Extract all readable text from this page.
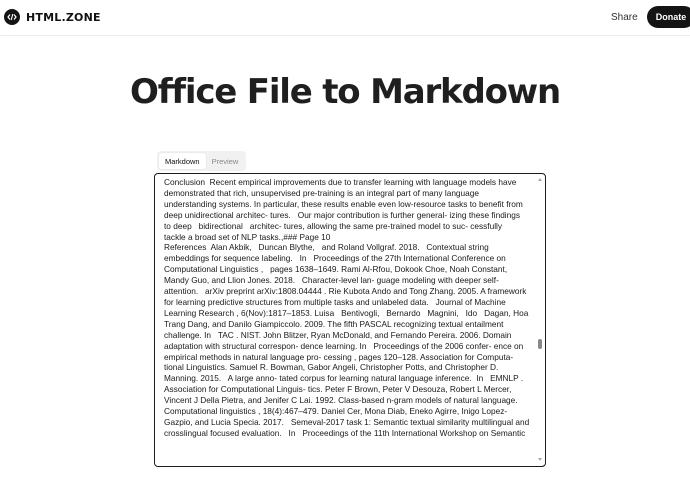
HTML.ZONE	Share	Donate
Office File to Markdown
Markdown	Preview
Conclusion  Recent empirical improvements due to transfer learning with language models have
demonstrated that rich, unsupervised pre-training is an integral part of many language
understanding systems. In particular, these results enable even low-resource tasks to benefit from
deep unidirectional architec- tures.   Our major contribution is further general- izing these findings
to deep   bidirectional   architec- tures, allowing the same pre-trained model to suc- cessfully
tackle a broad set of NLP tasks.,### Page 10
References  Alan Akbik,   Duncan Blythe,   and Roland Vollgraf. 2018.   Contextual string
embeddings for sequence labeling.   In   Proceedings of the 27th International Conference on
Computational Linguistics ,   pages 1638–1649. Rami Al-Rfou, Dokook Choe, Noah Constant,
Mandy Guo, and Llion Jones. 2018.   Character-level lan- guage modeling with deeper self-
attention.   arXiv preprint arXiv:1808.04444 . Rie Kubota Ando and Tong Zhang. 2005. A framework
for learning predictive structures from multiple tasks and unlabeled data.   Journal of Machine
Learning Research , 6(Nov):1817–1853. Luisa   Bentivogli,   Bernardo   Magnini,   Ido   Dagan, Hoa
Trang Dang, and Danilo Giampiccolo. 2009. The fifth PASCAL recognizing textual entailment
challenge. In   TAC . NIST. John Blitzer, Ryan McDonald, and Fernando Pereira. 2006. Domain
adaptation with structural correspon- dence learning. In   Proceedings of the 2006 confer- ence on
empirical methods in natural language pro- cessing , pages 120–128. Association for Computa-
tional Linguistics. Samuel R. Bowman, Gabor Angeli, Christopher Potts, and Christopher D.
Manning. 2015.   A large anno- tated corpus for learning natural language inference.  In   EMNLP .
Association for Computational Linguis- tics. Peter F Brown, Peter V Desouza, Robert L Mercer,
Vincent J Della Pietra, and Jenifer C Lai. 1992. Class-based n-gram models of natural language.
Computational linguistics , 18(4):467–479. Daniel Cer, Mona Diab, Eneko Agirre, Inigo Lopez-
Gazpio, and Lucia Specia. 2017.   Semeval-2017 task 1: Semantic textual similarity multilingual and
crosslingual focused evaluation.   In   Proceedings of the 11th International Workshop on Semantic
